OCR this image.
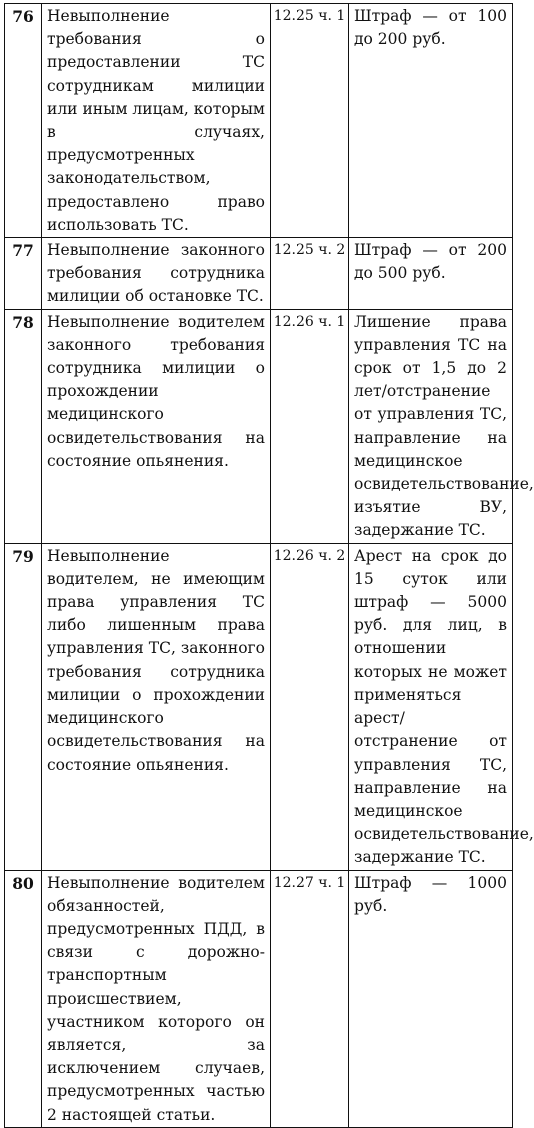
76	Невыполнение требования о предоставлении ТС сотрудникам милиции или иным лицам, которым в случаях, предусмотренных законодательством, предоставлено право использовать ТС.	12.25 ч. 1	Штраф — от 100 до 200 руб.
77	Невыполнение законного требования сотрудника милиции об остановке ТС.	12.25 ч. 2	Штраф — от 200 до 500 руб.
78	Невыполнение водителем законного требования сотрудника милиции о прохождении медицинского освидетельствования на состояние опьянения.	12.26 ч. 1	Лишение права управления ТС на срок от 1,5 до 2 лет/отстранение от управления ТС, направление на медицинское освидетельствование, изъятие ВУ, задержание ТС.
79	Невыполнение водителем, не имеющим права управления ТС либо лишенным права управления ТС, законного требования сотрудника милиции о прохождении медицинского освидетельствования на состояние опьянения.	12.26 ч. 2	Арест на срок до 15 суток или штраф — 5000 руб. для лиц, в отношении которых не может применяться арест/отстранение от управления ТС, направление на медицинское освидетельствование, задержание ТС.
80	Невыполнение водителем обязанностей, предусмотренных ПДД, в связи с дорожно-транспортным происшествием, участником которого он является, за исключением случаев, предусмотренных частью 2 настоящей статьи.	12.27 ч. 1	Штраф — 1000 руб.
